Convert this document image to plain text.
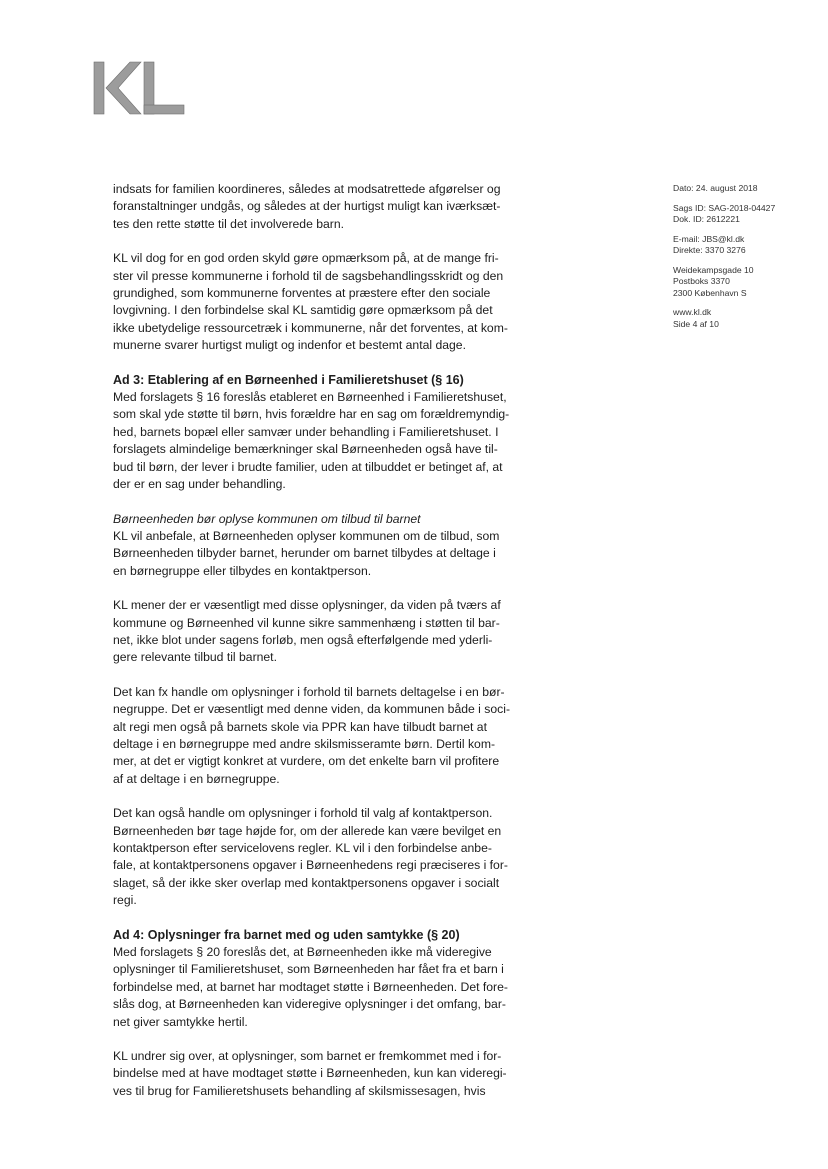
Dato: 24. august 2018
Sags ID: SAG-2018-04427
Dok. ID: 2612221
E-mail: JBS@kl.dk
Direkte: 3370 3276
Weidekampsgade 10
Postboks 3370
2300 København S
www.kl.dk
Side 4 af 10

indsats for familien koordineres, således at modsatrettede afgørelser og
foranstaltninger undgås, og således at der hurtigst muligt kan iværksæt-
tes den rette støtte til det involverede barn.

KL vil dog for en god orden skyld gøre opmærksom på, at de mange fri-
ster vil presse kommunerne i forhold til de sagsbehandlingsskridt og den
grundighed, som kommunerne forventes at præstere efter den sociale
lovgivning. I den forbindelse skal KL samtidig gøre opmærksom på det
ikke ubetydelige ressourcetræk i kommunerne, når det forventes, at kom-
munerne svarer hurtigst muligt og indenfor et bestemt antal dage.

Ad 3: Etablering af en Børneenhed i Familieretshuset (§ 16)

Med forslagets § 16 foreslås etableret en Børneenhed i Familieretshuset,
som skal yde støtte til børn, hvis forældre har en sag om forældremyndig-
hed, barnets bopæl eller samvær under behandling i Familieretshuset. I
forslagets almindelige bemærkninger skal Børneenheden også have til-
bud til børn, der lever i brudte familier, uden at tilbuddet er betinget af, at
der er en sag under behandling.

Børneenheden bør oplyse kommunen om tilbud til barnet
KL vil anbefale, at Børneenheden oplyser kommunen om de tilbud, som
Børneenheden tilbyder barnet, herunder om barnet tilbydes at deltage i
en børnegruppe eller tilbydes en kontaktperson.

KL mener der er væsentligt med disse oplysninger, da viden på tværs af
kommune og Børneenhed vil kunne sikre sammenhæng i støtten til bar-
net, ikke blot under sagens forløb, men også efterfølgende med yderli-
gere relevante tilbud til barnet.

Det kan fx handle om oplysninger i forhold til barnets deltagelse i en bør-
negruppe. Det er væsentligt med denne viden, da kommunen både i soci-
alt regi men også på barnets skole via PPR kan have tilbudt barnet at
deltage i en børnegruppe med andre skilsmisseramte børn. Dertil kom-
mer, at det er vigtigt konkret at vurdere, om det enkelte barn vil profitere
af at deltage i en børnegruppe.

Det kan også handle om oplysninger i forhold til valg af kontaktperson.
Børneenheden bør tage højde for, om der allerede kan være bevilget en
kontaktperson efter servicelovens regler. KL vil i den forbindelse anbe-
fale, at kontaktpersonens opgaver i Børneenhedens regi præciseres i for-
slaget, så der ikke sker overlap med kontaktpersonens opgaver i socialt
regi.

Ad 4: Oplysninger fra barnet med og uden samtykke (§ 20)

Med forslagets § 20 foreslås det, at Børneenheden ikke må videregive
oplysninger til Familieretshuset, som Børneenheden har fået fra et barn i
forbindelse med, at barnet har modtaget støtte i Børneenheden. Det fore-
slås dog, at Børneenheden kan videregive oplysninger i det omfang, bar-
net giver samtykke hertil.

KL undrer sig over, at oplysninger, som barnet er fremkommet med i for-
bindelse med at have modtaget støtte i Børneenheden, kun kan videregi-
ves til brug for Familieretshusets behandling af skilsmissesagen, hvis
